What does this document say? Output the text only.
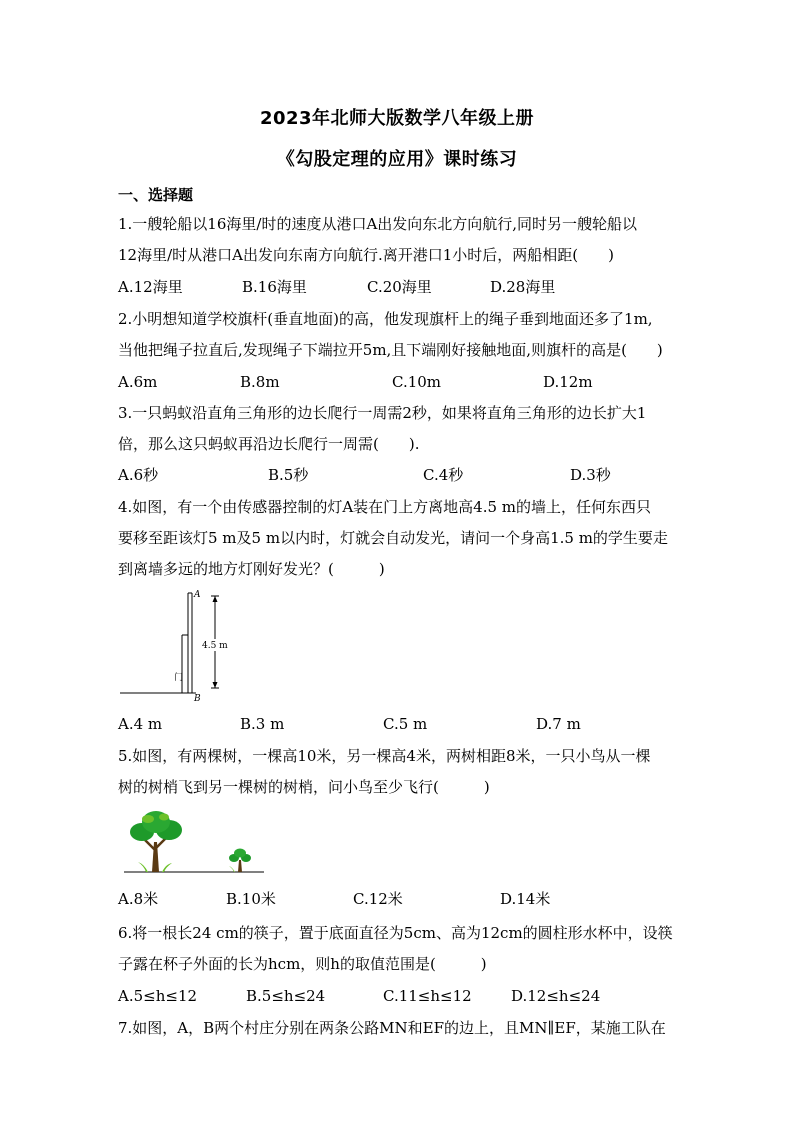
2023年北师大版数学八年级上册
《勾股定理的应用》课时练习
一、选择题
1.一艘轮船以16海里/时的速度从港口A出发向东北方向航行,同时另一艘轮船以
12海里/时从港口A出发向东南方向航行.离开港口1小时后，两船相距(　　)
A.12海里	B.16海里	C.20海里	D.28海里
2.小明想知道学校旗杆(垂直地面)的高，他发现旗杆上的绳子垂到地面还多了1m,
当他把绳子拉直后,发现绳子下端拉开5m,且下端刚好接触地面,则旗杆的高是(　　)
A.6m	B.8m	C.10m	D.12m
3.一只蚂蚁沿直角三角形的边长爬行一周需2秒，如果将直角三角形的边长扩大1
倍，那么这只蚂蚁再沿边长爬行一周需(　　).
A.6秒	B.5秒	C.4秒	D.3秒
4.如图，有一个由传感器控制的灯A装在门上方离地高4.5 m的墙上，任何东西只
要移至距该灯5 m及5 m以内时，灯就会自动发光，请问一个身高1.5 m的学生要走
到离墙多远的地方灯刚好发光？(　　　)
门
A
B
4.5 m
A.4 m	B.3 m	C.5 m	D.7 m
5.如图，有两棵树，一棵高10米，另一棵高4米，两树相距8米，一只小鸟从一棵
树的树梢飞到另一棵树的树梢，问小鸟至少飞行(　　　)
A.8米	B.10米	C.12米	D.14米
6.将一根长24 cm的筷子，置于底面直径为5cm、高为12cm的圆柱形水杯中，设筷
子露在杯子外面的长为hcm，则h的取值范围是(　　　)
A.5≤h≤12	B.5≤h≤24	C.11≤h≤12	D.12≤h≤24
7.如图，A，B两个村庄分别在两条公路MN和EF的边上，且MN∥EF，某施工队在
